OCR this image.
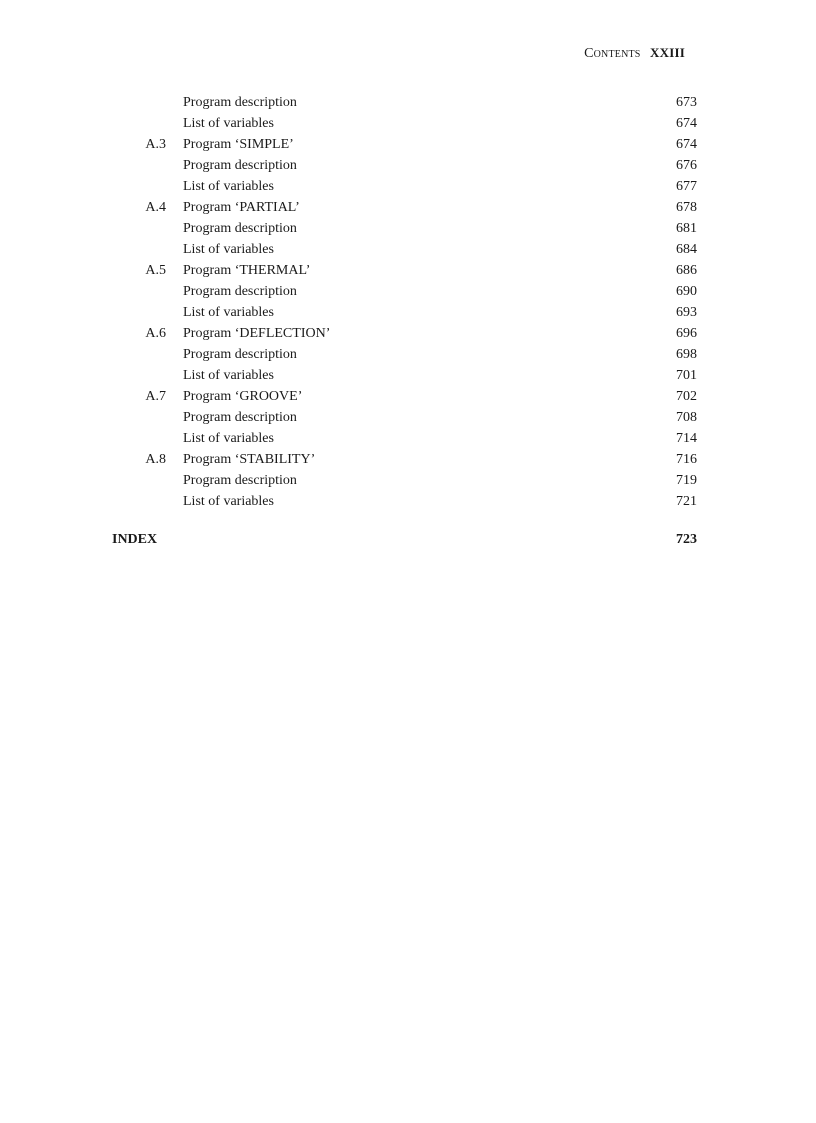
Contents XXIII
Program description	673
List of variables	674
A.3 Program ‘SIMPLE’	674
Program description	676
List of variables	677
A.4 Program ‘PARTIAL’	678
Program description	681
List of variables	684
A.5 Program ‘THERMAL’	686
Program description	690
List of variables	693
A.6 Program ‘DEFLECTION’	696
Program description	698
List of variables	701
A.7 Program ‘GROOVE’	702
Program description	708
List of variables	714
A.8 Program ‘STABILITY’	716
Program description	719
List of variables	721
INDEX	723
